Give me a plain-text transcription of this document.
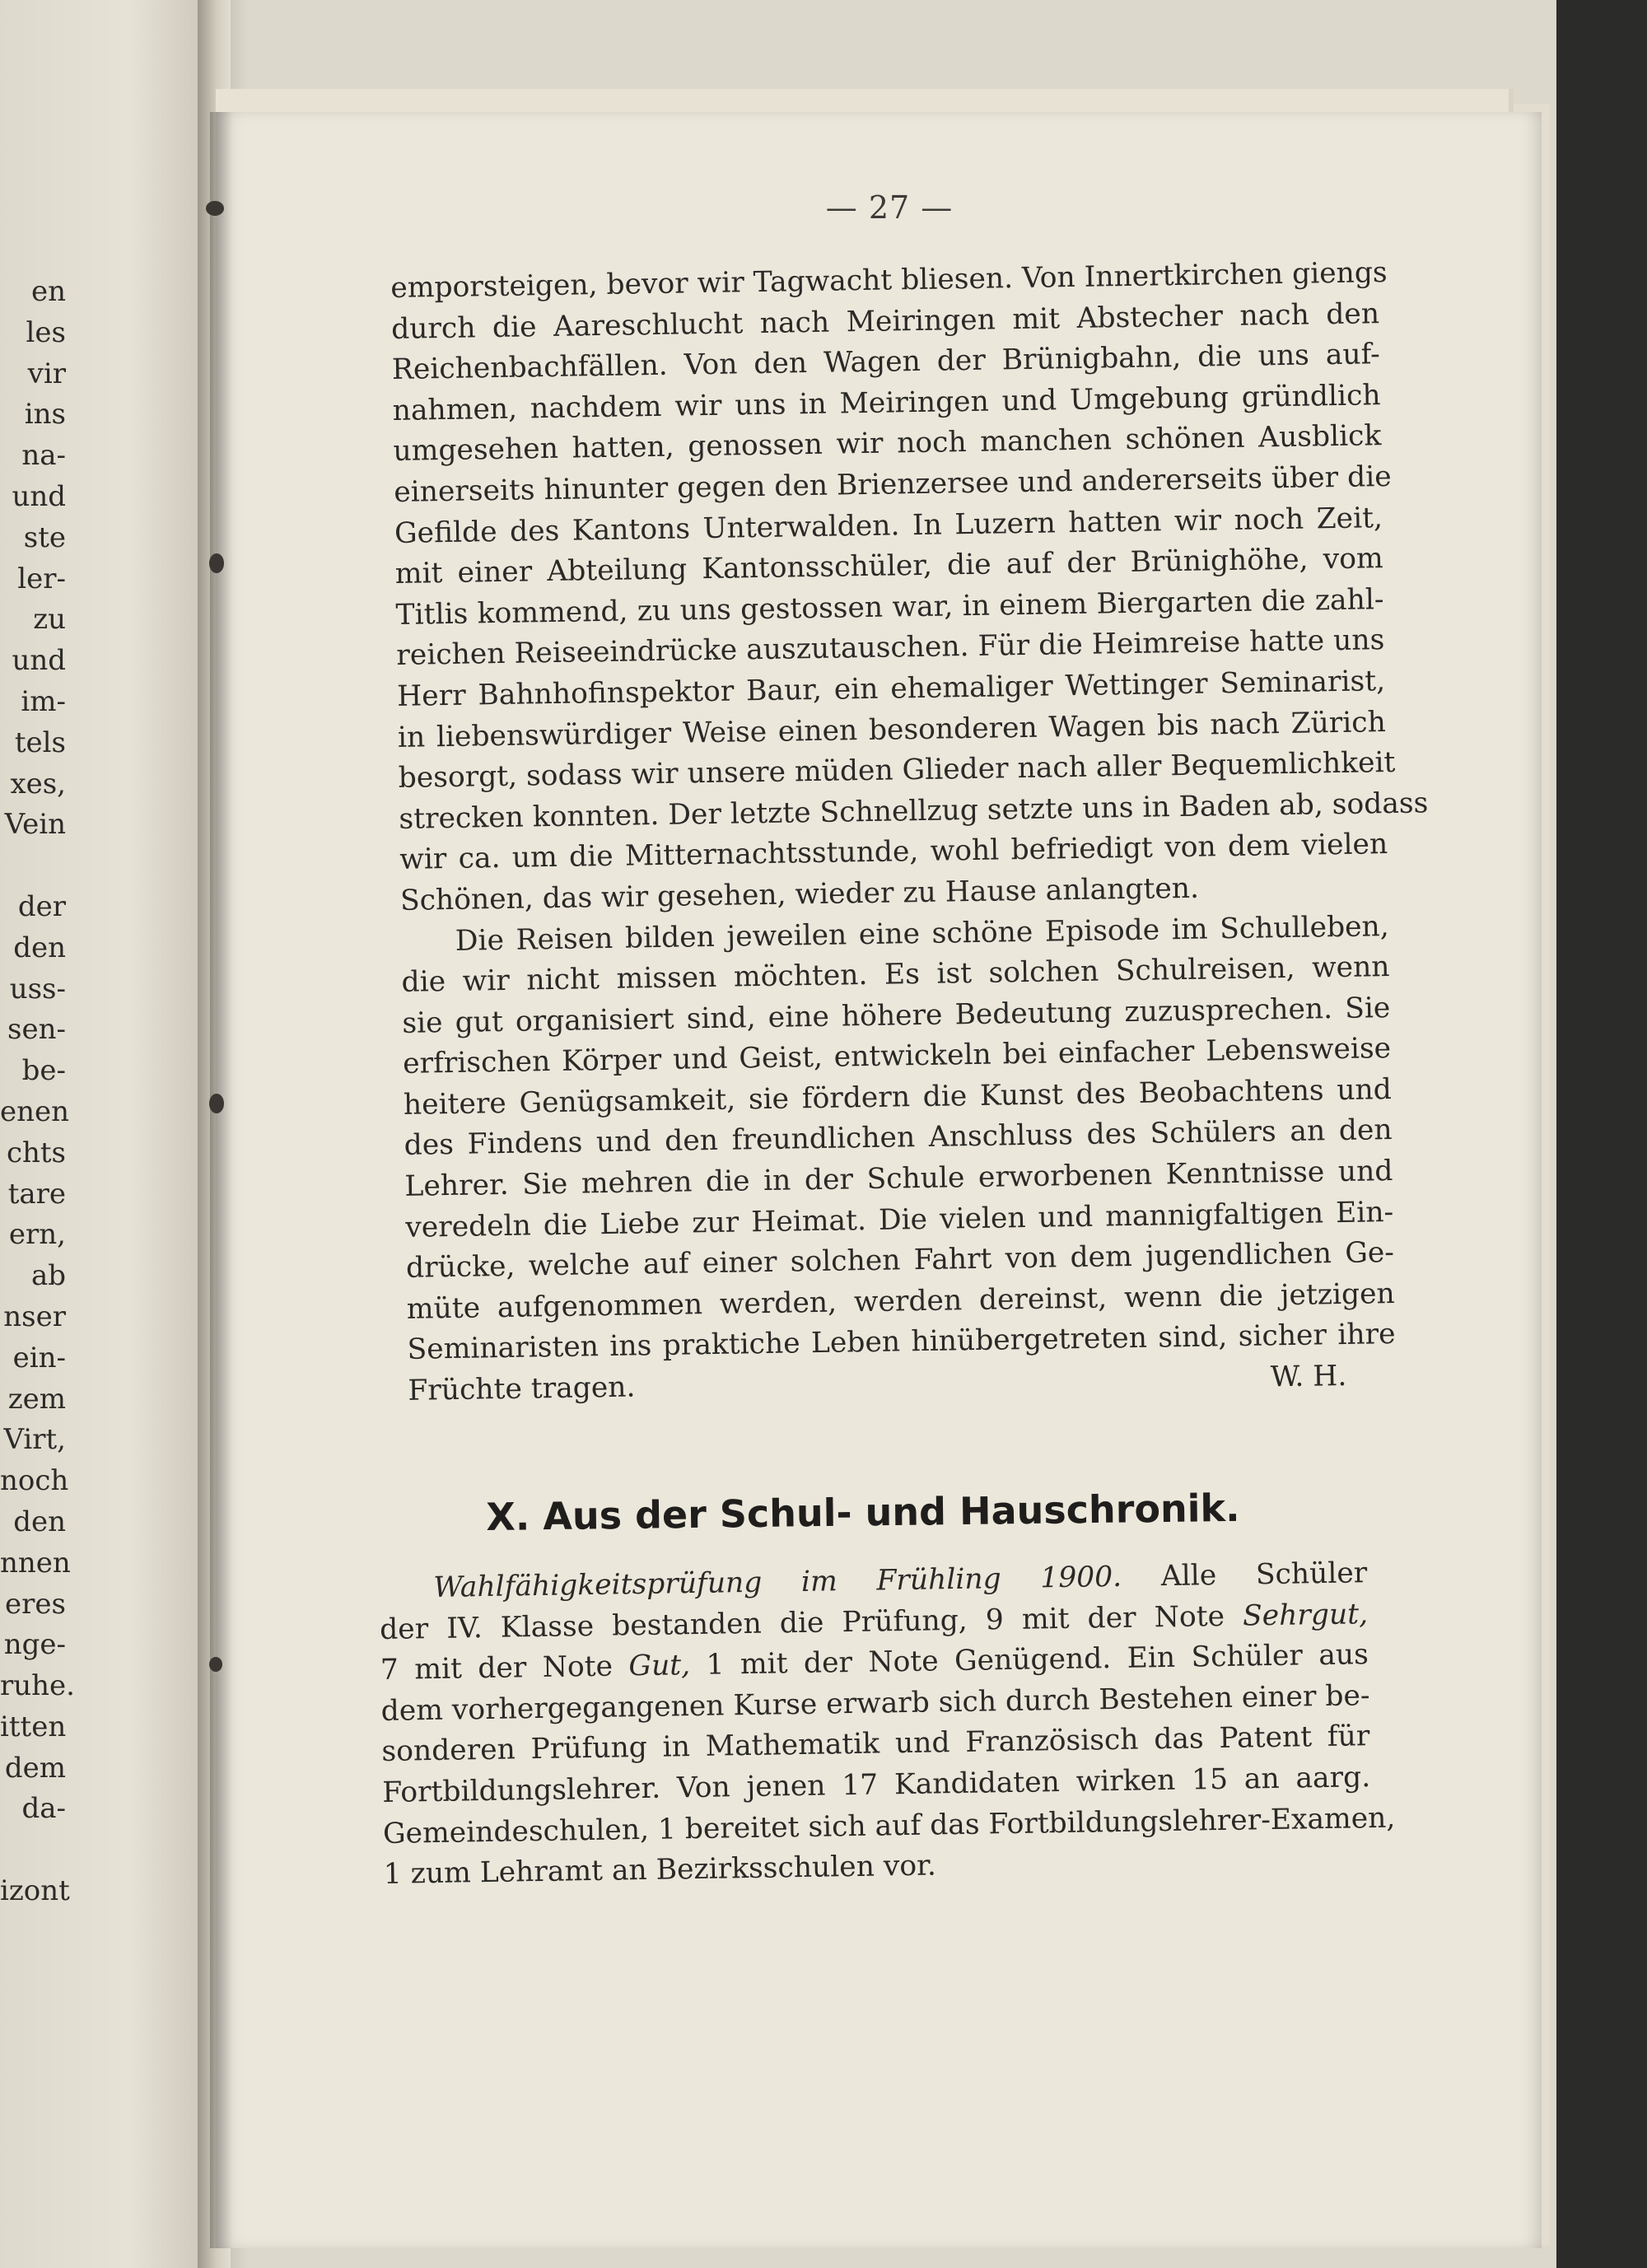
en
les
vir
ins
na-
und
ste
ler-
zu
und
im-
tels
xes,
Vein
der
den
uss-
sen-
be-
enen
chts
tare
ern,
ab
nser
ein-
zem
Virt,
noch
den
nnen
eres
nge-
ruhe.
itten
dem
da-
izont
— 27 —
emporsteigen, bevor wir Tagwacht bliesen. Von Innertkirchen giengs
durch die Aareschlucht nach Meiringen mit Abstecher nach den
Reichenbachfällen. Von den Wagen der Brünigbahn, die uns auf-
nahmen, nachdem wir uns in Meiringen und Umgebung gründlich
umgesehen hatten, genossen wir noch manchen schönen Ausblick
einerseits hinunter gegen den Brienzersee und andererseits über die
Gefilde des Kantons Unterwalden. In Luzern hatten wir noch Zeit,
mit einer Abteilung Kantonsschüler, die auf der Brünighöhe, vom
Titlis kommend, zu uns gestossen war, in einem Biergarten die zahl-
reichen Reiseeindrücke auszutauschen. Für die Heimreise hatte uns
Herr Bahnhofinspektor Baur, ein ehemaliger Wettinger Seminarist,
in liebenswürdiger Weise einen besonderen Wagen bis nach Zürich
besorgt, sodass wir unsere müden Glieder nach aller Bequemlichkeit
strecken konnten. Der letzte Schnellzug setzte uns in Baden ab, sodass
wir ca. um die Mitternachtsstunde, wohl befriedigt von dem vielen
Schönen, das wir gesehen, wieder zu Hause anlangten.
Die Reisen bilden jeweilen eine schöne Episode im Schulleben,
die wir nicht missen möchten. Es ist solchen Schulreisen, wenn
sie gut organisiert sind, eine höhere Bedeutung zuzusprechen. Sie
erfrischen Körper und Geist, entwickeln bei einfacher Lebensweise
heitere Genügsamkeit, sie fördern die Kunst des Beobachtens und
des Findens und den freundlichen Anschluss des Schülers an den
Lehrer. Sie mehren die in der Schule erworbenen Kenntnisse und
veredeln die Liebe zur Heimat. Die vielen und mannigfaltigen Ein-
drücke, welche auf einer solchen Fahrt von dem jugendlichen Ge-
müte aufgenommen werden, werden dereinst, wenn die jetzigen
Seminaristen ins praktiche Leben hinübergetreten sind, sicher ihre
Früchte tragen.	W. H.
X. Aus der Schul- und Hauschronik.
Wahlfähigkeitsprüfung im Frühling 1900. Alle Schüler
der IV. Klasse bestanden die Prüfung, 9 mit der Note Sehrgut,
7 mit der Note Gut, 1 mit der Note Genügend. Ein Schüler aus
dem vorhergegangenen Kurse erwarb sich durch Bestehen einer be-
sonderen Prüfung in Mathematik und Französisch das Patent für
Fortbildungslehrer. Von jenen 17 Kandidaten wirken 15 an aarg.
Gemeindeschulen, 1 bereitet sich auf das Fortbildungslehrer-Examen,
1 zum Lehramt an Bezirksschulen vor.
